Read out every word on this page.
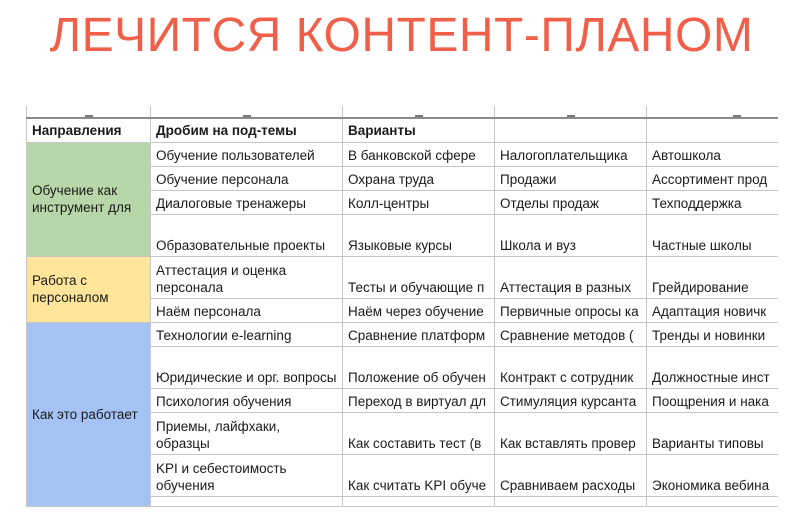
ЛЕЧИТСЯ КОНТЕНТ-ПЛАНОМ

Направления	Дробим на под-темы	Варианты		
Обучение как инструмент для	Обучение пользователей	В банковской сфере	Налогоплательщика	Автошкола
	Обучение персонала	Охрана труда	Продажи	Ассортимент прод
	Диалоговые тренажеры	Колл-центры	Отделы продаж	Техподдержка
	Образовательные проекты	Языковые курсы	Школа и вуз	Частные школы
Работа с персоналом	Аттестация и оценка персонала	Тесты и обучающие п	Аттестация в разных	Грейдирование
	Наём персонала	Наём через обучение	Первичные опросы ка	Адаптация новичк
Как это работает	Технологии e-learning	Сравнение платформ	Сравнение методов (	Тренды и новинки
	Юридические и орг. вопросы	Положение об обучен	Контракт с сотрудник	Должностные инст
	Психология обучения	Переход в виртуал дл	Стимуляция курсанта	Поощрения и нака
	Приемы, лайфхаки, образцы	Как составить тест (в	Как вставлять провер	Варианты типовы
	KPI и себестоимость обучения	Как считать KPI обуче	Сравниваем расходы	Экономика вебина
